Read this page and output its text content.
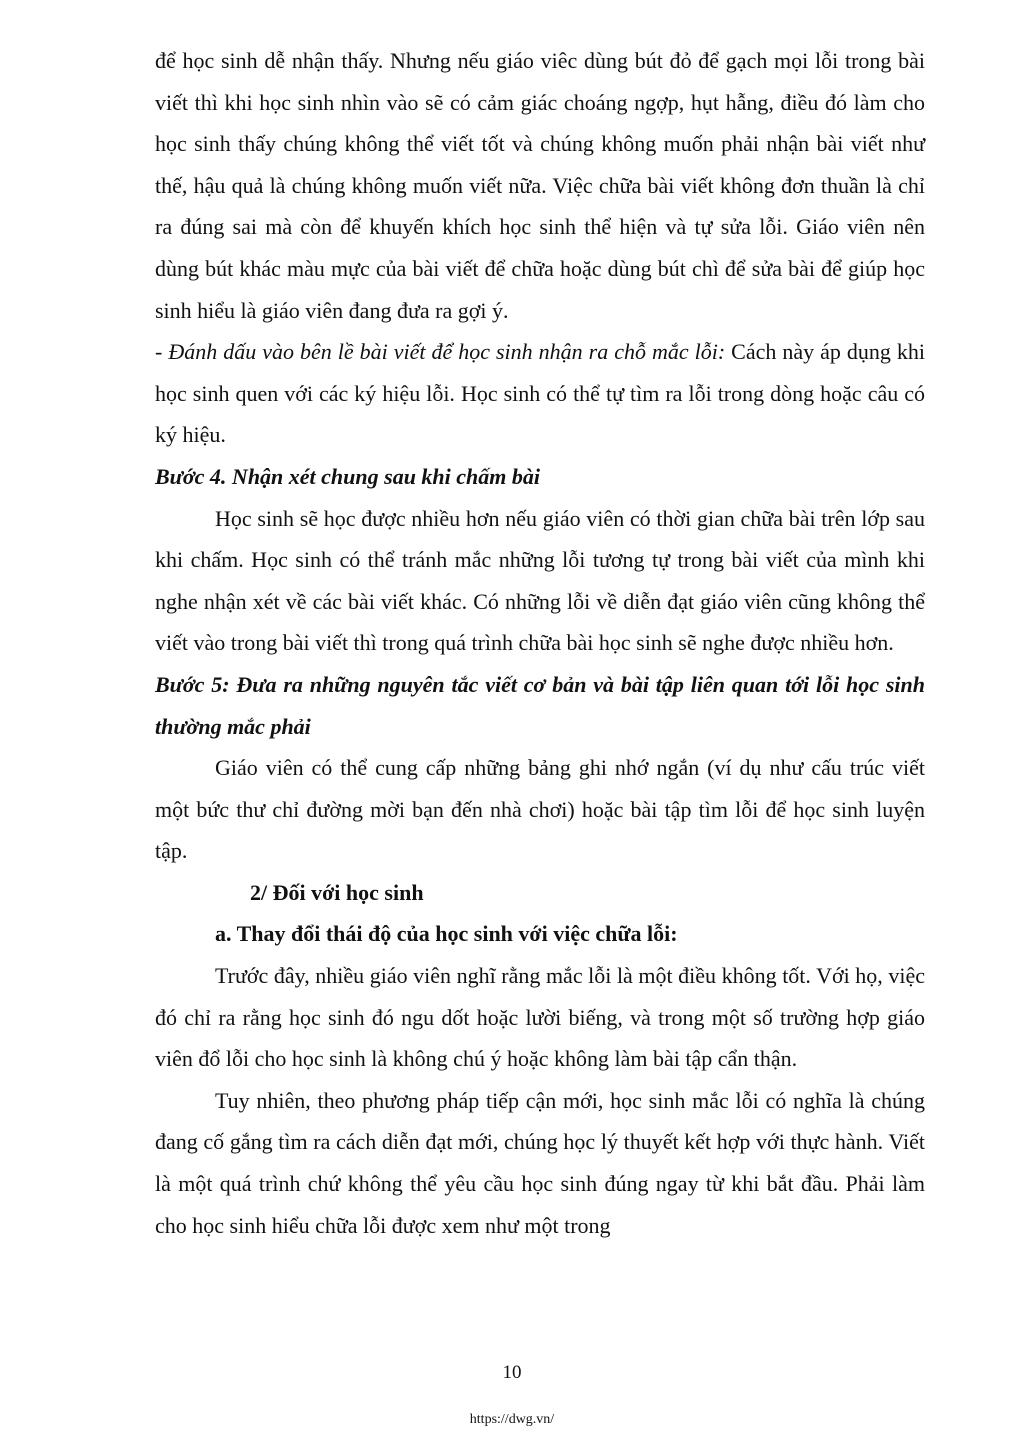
để học sinh dễ nhận thấy. Nhưng nếu giáo viêc dùng bút đỏ để gạch mọi lỗi trong bài viết thì khi học sinh nhìn vào sẽ có cảm giác choáng ngợp, hụt hẫng, điều đó làm cho học sinh thấy chúng không thể viết tốt và chúng không muốn phải nhận bài viết như thế, hậu quả là chúng không muốn viết nữa. Việc chữa bài viết không đơn thuần là chỉ ra đúng sai mà còn để khuyến khích học sinh thể hiện và tự sửa lỗi. Giáo viên nên dùng bút khác màu mực của bài viết để chữa hoặc dùng bút chì để sửa bài để giúp học sinh hiểu là giáo viên đang đưa ra gợi ý.

- Đánh dấu vào bên lề bài viết để học sinh nhận ra chỗ mắc lỗi: Cách này áp dụng khi học sinh quen với các ký hiệu lỗi. Học sinh có thể tự tìm ra lỗi trong dòng hoặc câu có ký hiệu.

Bước 4. Nhận xét chung sau khi chấm bài

Học sinh sẽ học được nhiều hơn nếu giáo viên có thời gian chữa bài trên lớp sau khi chấm. Học sinh có thể tránh mắc những lỗi tương tự trong bài viết của mình khi nghe nhận xét về các bài viết khác. Có những lỗi về diễn đạt giáo viên cũng không thể viết vào trong bài viết thì trong quá trình chữa bài học sinh sẽ nghe được nhiều hơn.

Bước 5: Đưa ra những nguyên tắc viết cơ bản và bài tập liên quan tới lỗi học sinh thường mắc phải

Giáo viên có thể cung cấp những bảng ghi nhớ ngắn (ví dụ như cấu trúc viết một bức thư chỉ đường mời bạn đến nhà chơi) hoặc bài tập tìm lỗi để học sinh luyện tập.

2/ Đối với học sinh

a. Thay đổi thái độ của học sinh với việc chữa lỗi:

Trước đây, nhiều giáo viên nghĩ rằng mắc lỗi là một điều không tốt. Với họ, việc đó chỉ ra rằng học sinh đó ngu dốt hoặc lười biếng, và trong một số trường hợp giáo viên đổ lỗi cho học sinh là không chú ý hoặc không làm bài tập cẩn thận.

Tuy nhiên, theo phương pháp tiếp cận mới, học sinh mắc lỗi có nghĩa là chúng đang cố gắng tìm ra cách diễn đạt mới, chúng học lý thuyết kết hợp với thực hành. Viết là một quá trình chứ không thể yêu cầu học sinh đúng ngay từ khi bắt đầu. Phải làm cho học sinh hiểu chữa lỗi được xem như một trong

10
https://dwg.vn/
